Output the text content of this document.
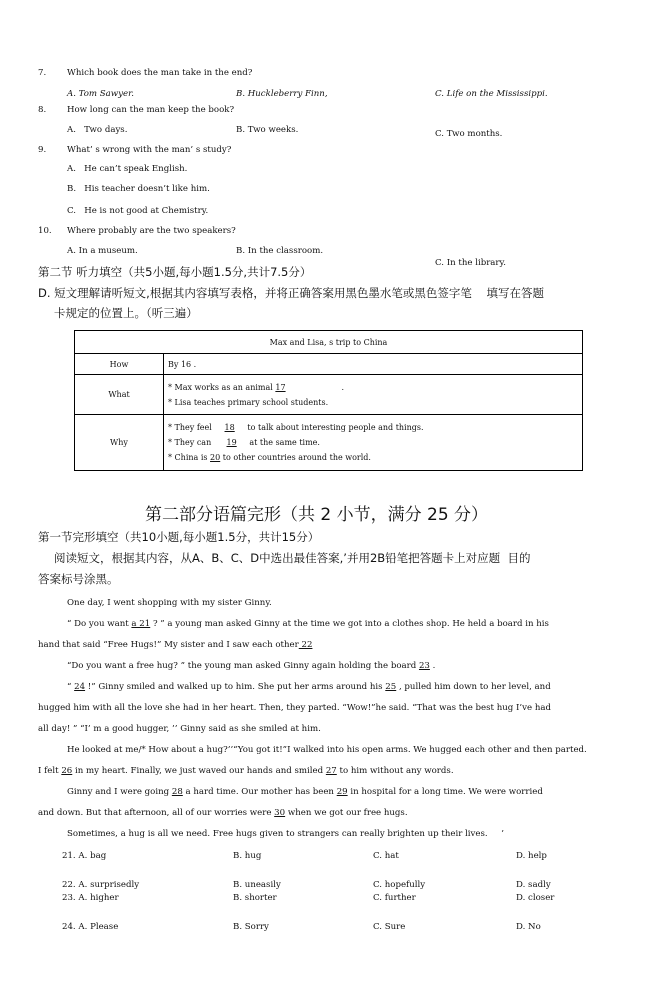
7. Which book does the man take in the end?
A. Tom Sawyer.	B. Huckleberry Finn,	C. Life on the Mississippi.
8. How long can the man keep the book?
A.   Two days.	B. Two weeks.	C. Two months.
9. What’ s wrong with the man’ s study?
A.   He can’t speak English.
B.   His teacher doesn’t like him.
C.   He is not good at Chemistry.
10. Where probably are the two speakers?
A. In a museum.	B. In the classroom.
C. In the library.
第二节 听力填空（共5小题,每小题1.5分,共计7.5分）
D. 短文理解请听短文,根据其内容填写表格，并将正确答案用黑色墨水笔或黑色签字笔    填写在答题
卡规定的位置上。（听三遍）
Max and Lisa, s trip to China	
How	By 16 .
What	* Max works as an animal 17                      .
* Lisa teaches primary school students.

Why	* They feel     18     to talk about interesting people and things.
* They can      19     at the same time.
* China is 20 to other countries around the world.
第二部分语篇完形（共 2 小节，满分 25 分）
第一节完形填空（共10小题,每小题1.5分，共计15分）
阅读短文，根据其内容，从A、B、C、D中选出最佳答案,’并用2B铅笔把答题卡上对应题  目的
答案标号涂黑。
One day, I went shopping with my sister Ginny.
“ Do you want a 21 ? ” a young man asked Ginny at the time we got into a clothes shop. He held a board in his
hand that said “Free Hugs!” My sister and I saw each other 22
“Do you want a free hug? ” the young man asked Ginny again holding the board 23 .
“ 24 !” Ginny smiled and walked up to him. She put her arms around his 25 , pulled him down to her level, and
hugged him with all the love she had in her heart. Then, they parted. “Wow!”he said. “That was the best hug I’ve had
all day! ” “I’ m a good hugger, ’’ Ginny said as she smiled at him.
He looked at me/* How about a hug?’’“You got it!”I walked into his open arms. We hugged each other and then parted.
I felt 26 in my heart. Finally, we just waved our hands and smiled 27 to him without any words.
Ginny and I were going 28 a hard time. Our mother has been 29 in hospital for a long time. We were worried
and down. But that afternoon, all of our worries were 30 when we got our free hugs.
Sometimes, a hug is all we need. Free hugs given to strangers can really brighten up their lives.     ’
21. A. bag	B. hug	C. hat	D. help
22. A. surprisedly	B. uneasily	C. hopefully	D. sadly
23. A. higher	B. shorter	C. further	D. closer
24. A. Please	B. Sorry	C. Sure	D. No
